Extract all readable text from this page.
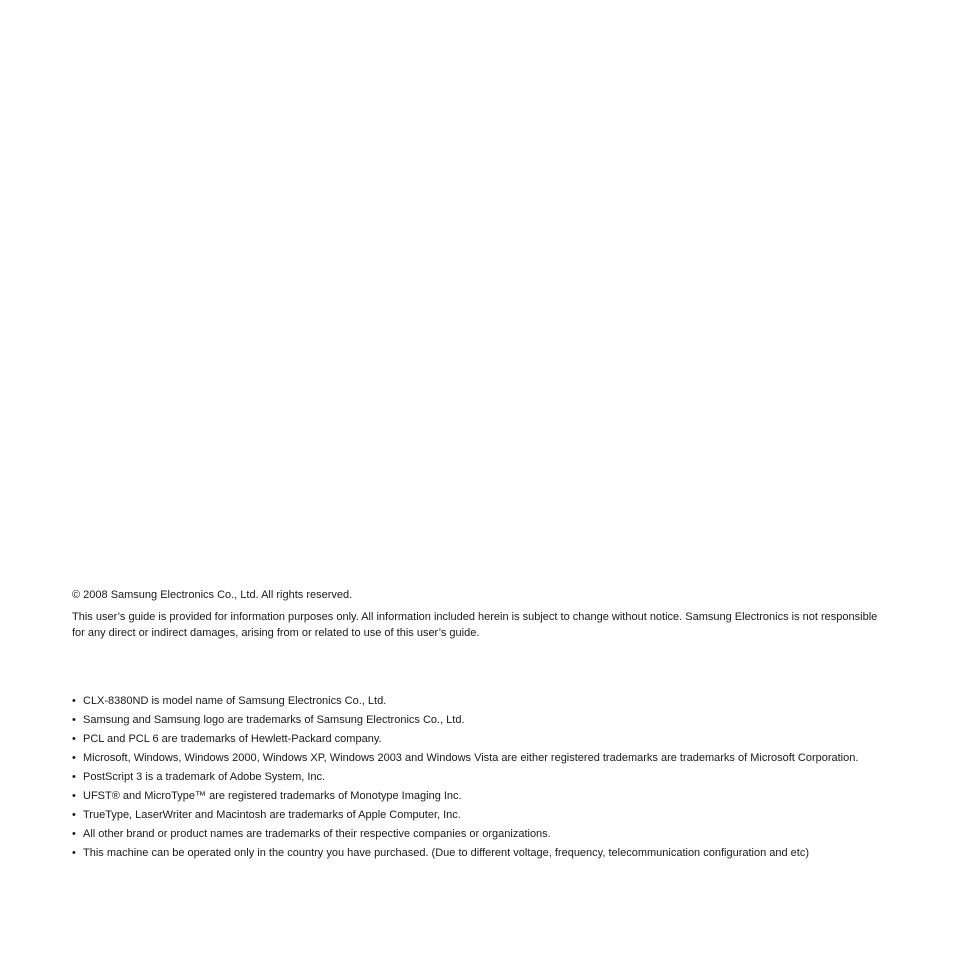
© 2008 Samsung Electronics Co., Ltd. All rights reserved.

This user’s guide is provided for information purposes only. All information included herein is subject to change without notice. Samsung Electronics is not responsible for any direct or indirect damages, arising from or related to use of this user’s guide.

• CLX-8380ND is model name of Samsung Electronics Co., Ltd.
• Samsung and Samsung logo are trademarks of Samsung Electronics Co., Ltd.
• PCL and PCL 6 are trademarks of Hewlett-Packard company.
• Microsoft, Windows, Windows 2000, Windows XP, Windows 2003 and Windows Vista are either registered trademarks are trademarks of Microsoft Corporation.
• PostScript 3 is a trademark of Adobe System, Inc.
• UFST® and MicroType™ are registered trademarks of Monotype Imaging Inc.
• TrueType, LaserWriter and Macintosh are trademarks of Apple Computer, Inc.
• All other brand or product names are trademarks of their respective companies or organizations.
• This machine can be operated only in the country you have purchased. (Due to different voltage, frequency, telecommunication configuration and etc)
